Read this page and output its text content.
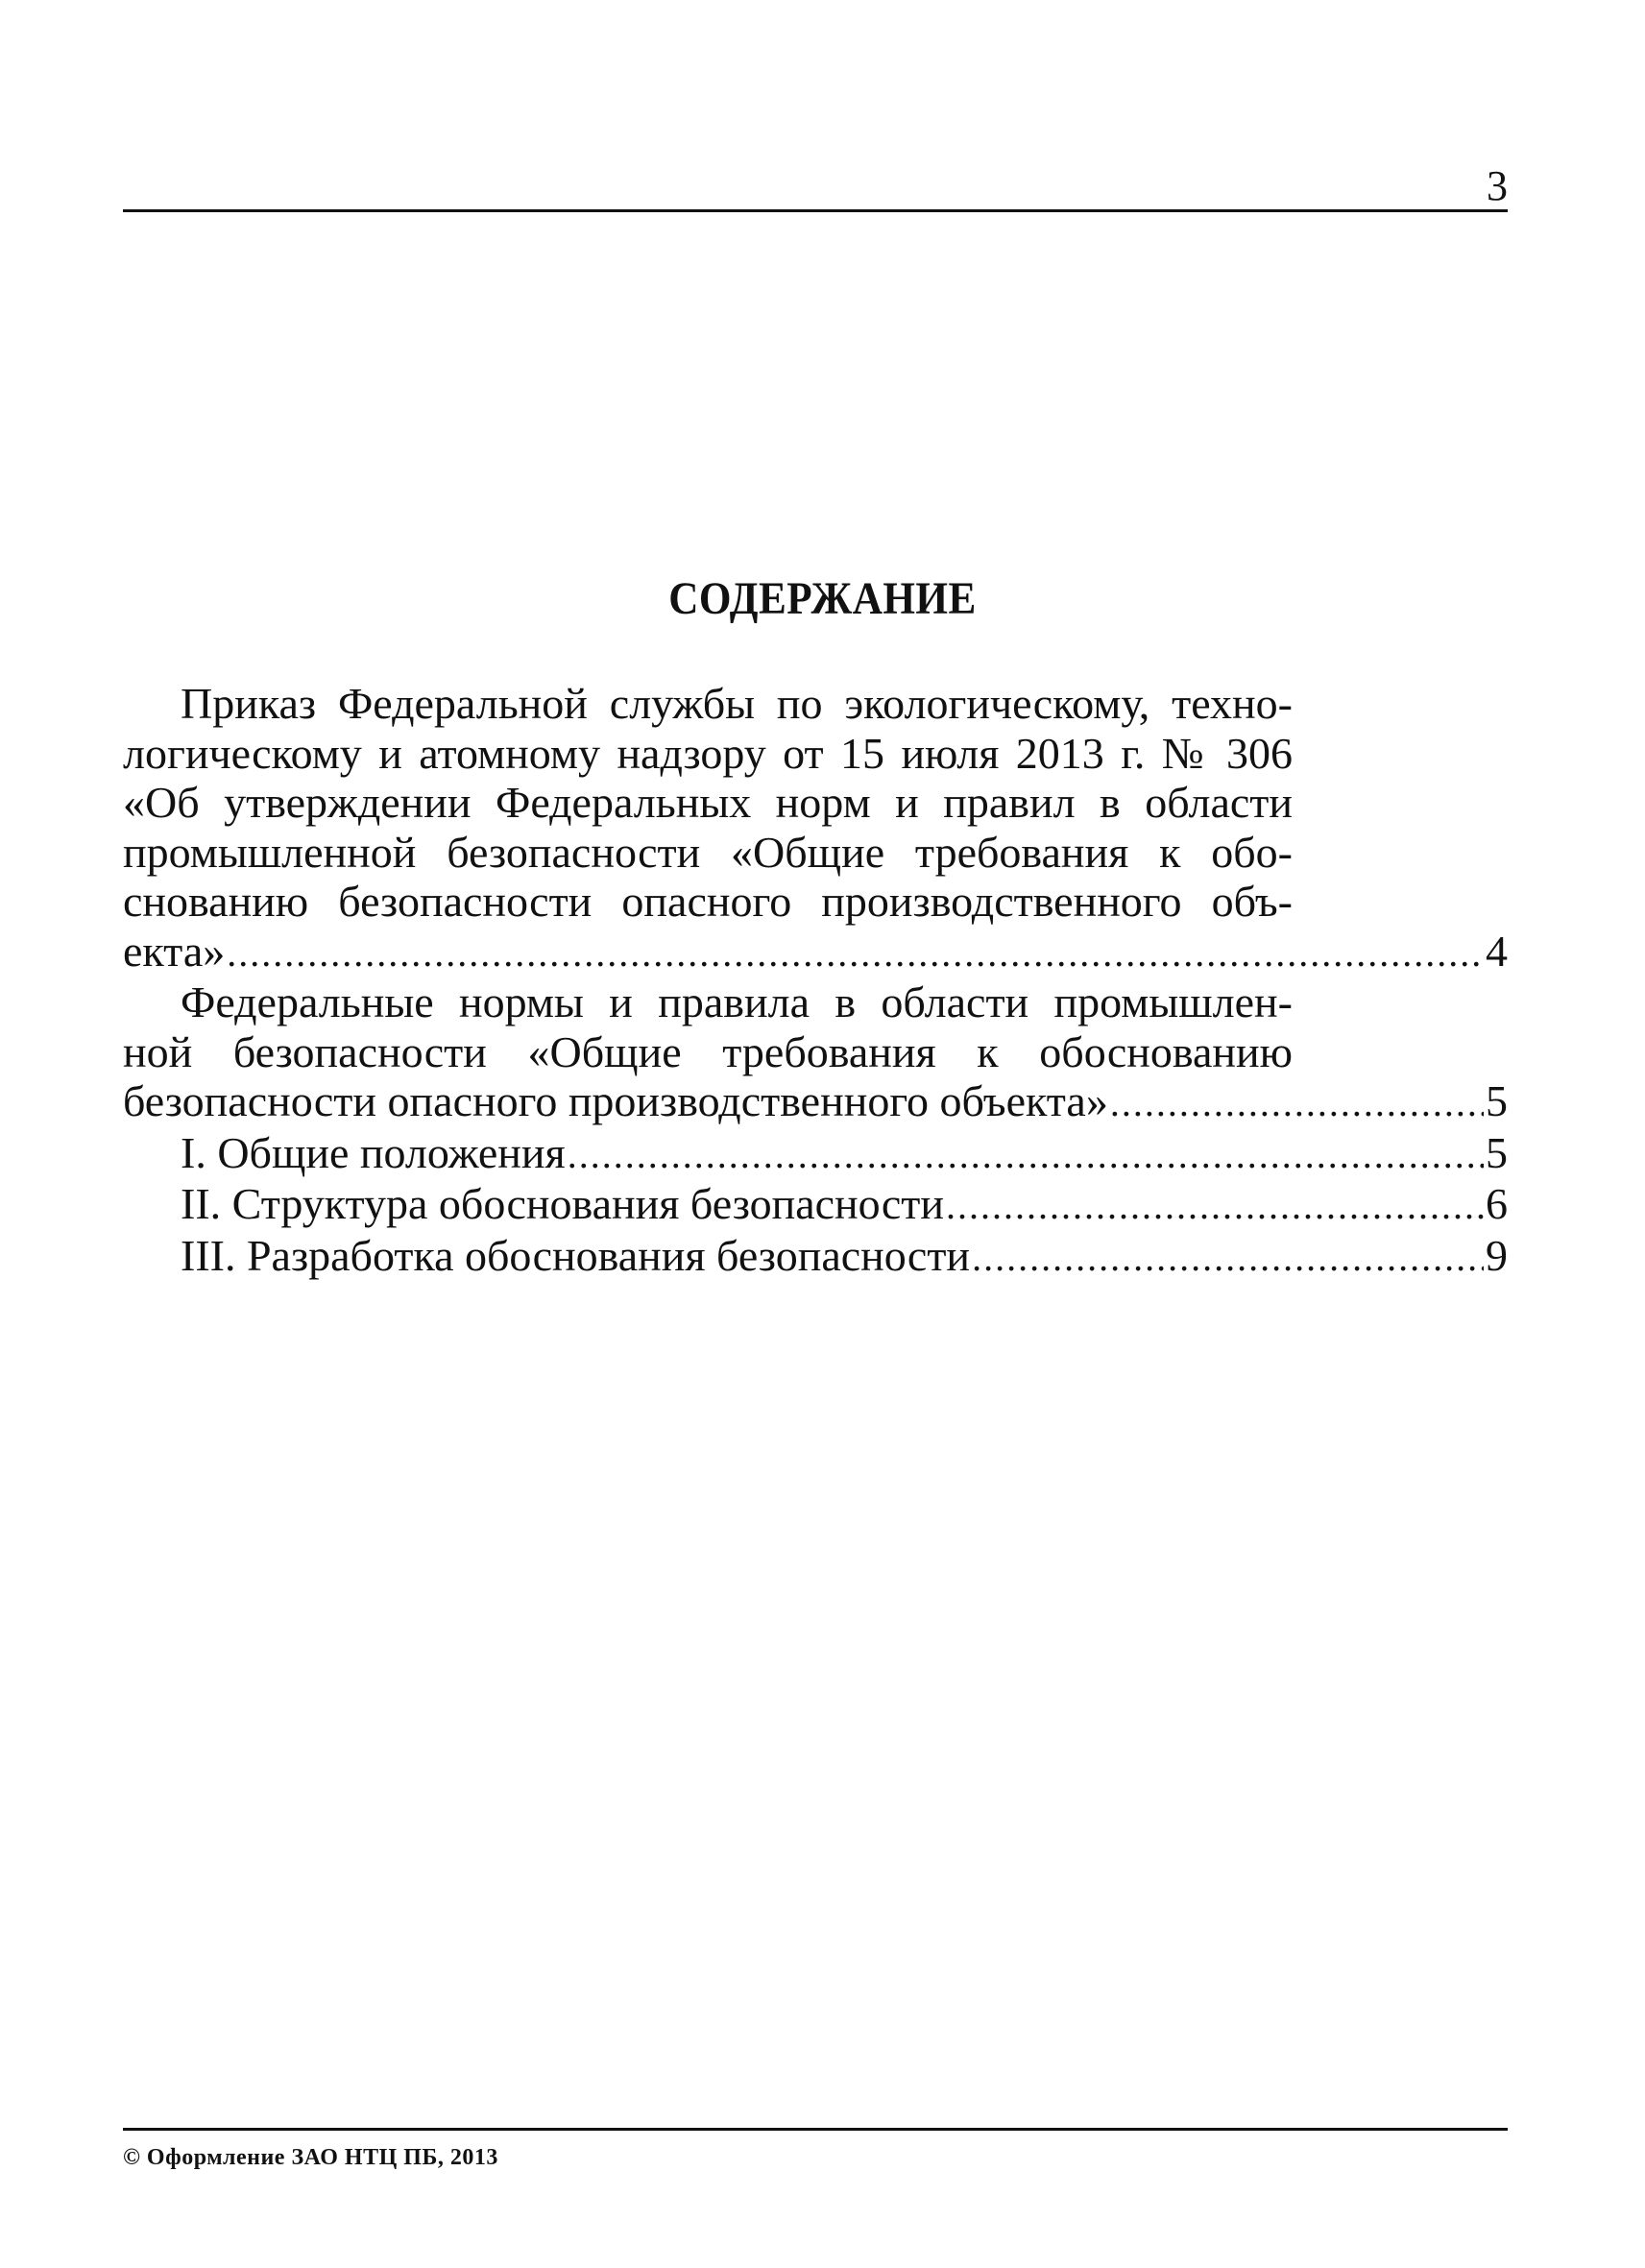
3
СОДЕРЖАНИЕ
Приказ Федеральной службы по экологическому, техно-
логическому и атомному надзору от 15 июля 2013 г. № 306
«Об утверждении Федеральных норм и правил в области
промышленной безопасности «Общие требования к обо-
снованию безопасности опасного производственного объ-
екта» .....	4
Федеральные нормы и правила в области промышлен-
ной безопасности «Общие требования к обоснованию
безопасности опасного производственного объекта» .....	5
I. Общие положения .....	5
II. Структура обоснования безопасности .....	6
III. Разработка обоснования безопасности .....	9
© Оформление ЗАО НТЦ ПБ, 2013
